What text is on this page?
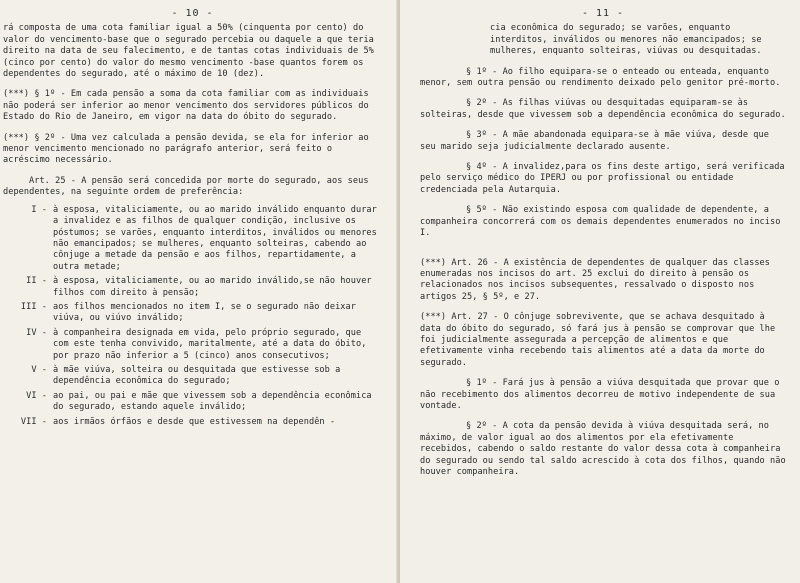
- 10 -

rá composta de uma cota familiar igual a 50% (cinquenta por cento) do valor do vencimento-base que o segurado percebia ou daquele a que teria direito na data de seu falecimento, e de tantas cotas individuais de 5% (cinco por cento) do valor do mesmo vencimento -base quantos forem os dependentes do segurado, até o máximo de 10 (dez).

(***) § 1º - Em cada pensão a soma da cota familiar com as individuais não poderá ser inferior ao menor vencimento dos servidores públicos do Estado do Rio de Janeiro, em vigor na data do óbito do segurado.

(***) § 2º - Uma vez calculada a pensão devida, se ela for inferior ao menor vencimento mencionado no parágrafo anterior, será feito o acréscimo necessário.

Art. 25 - A pensão será concedida por morte do segurado, aos seus dependentes, na seguinte ordem de preferência:

I - à esposa, vitaliciamente, ou ao marido inválido enquanto durar a invalidez e as filhos de qualquer condição, inclusive os póstumos; se varões, enquanto interditos, inválidos ou menores não emancipados; se mulheres, enquanto solteiras, cabendo ao cônjuge a metade da pensão e aos filhos, repartidamente, a outra metade;
II - à esposa, vitaliciamente, ou ao marido inválido,se não houver filhos com direito à pensão;
III - aos filhos mencionados no item I, se o segurado não deixar viúva, ou viúvo inválido;
IV - à companheira designada em vida, pelo próprio segurado, que com este tenha convivido, maritalmente, até a data do óbito, por prazo não inferior a 5 (cinco) anos consecutivos;
V - à mãe viúva, solteira ou desquitada que estivesse sob a dependência econômica do segurado;
VI - ao pai, ou pai e mãe que vivessem sob a dependência econômica do segurado, estando aquele inválido;
VII - aos irmãos órfãos e desde que estivessem na dependên -
- 11 -

cia econômica do segurado; se varões, enquanto interditos, inválidos ou menores não emancipados; se mulheres, enquanto solteiras, viúvas ou desquitadas.

§ 1º - Ao filho equipara-se o enteado ou enteada, enquanto menor, sem outra pensão ou rendimento deixado pelo genitor pré-morto.

§ 2º - As filhas viúvas ou desquitadas equiparam-se às solteiras, desde que vivessem sob a dependência econômica do segurado.

§ 3º - A mãe abandonada equipara-se à mãe viúva, desde que seu marido seja judicialmente declarado ausente.

§ 4º - A invalidez,para os fins deste artigo, será verificada pelo serviço médico do IPERJ ou por profissional ou entidade credenciada pela Autarquia.

§ 5º - Não existindo esposa com qualidade de dependente, a companheira concorrerá com os demais dependentes enumerados no inciso I.

(***) Art. 26 - A existência de dependentes de qualquer das classes enumeradas nos incisos do art. 25 exclui do direito à pensão os relacionados nos incisos subsequentes, ressalvado o disposto nos artigos 25, § 5º, e 27.

(***) Art. 27 - O cônjuge sobrevivente, que se achava desquitado à data do óbito do segurado, só fará jus à pensão se comprovar que lhe foi judicialmente assegurada a percepção de alimentos e que efetivamente vinha recebendo tais alimentos até a data da morte do segurado.

§ 1º - Fará jus à pensão a viúva desquitada que provar que o não recebimento dos alimentos decorreu de motivo independente de sua vontade.

§ 2º - A cota da pensão devida à viúva desquitada será, no máximo, de valor igual ao dos alimentos por ela efetivamente recebidos, cabendo o saldo restante do valor dessa cota à companheira do segurado ou sendo tal saldo acrescido à cota dos filhos, quando não houver companheira.
